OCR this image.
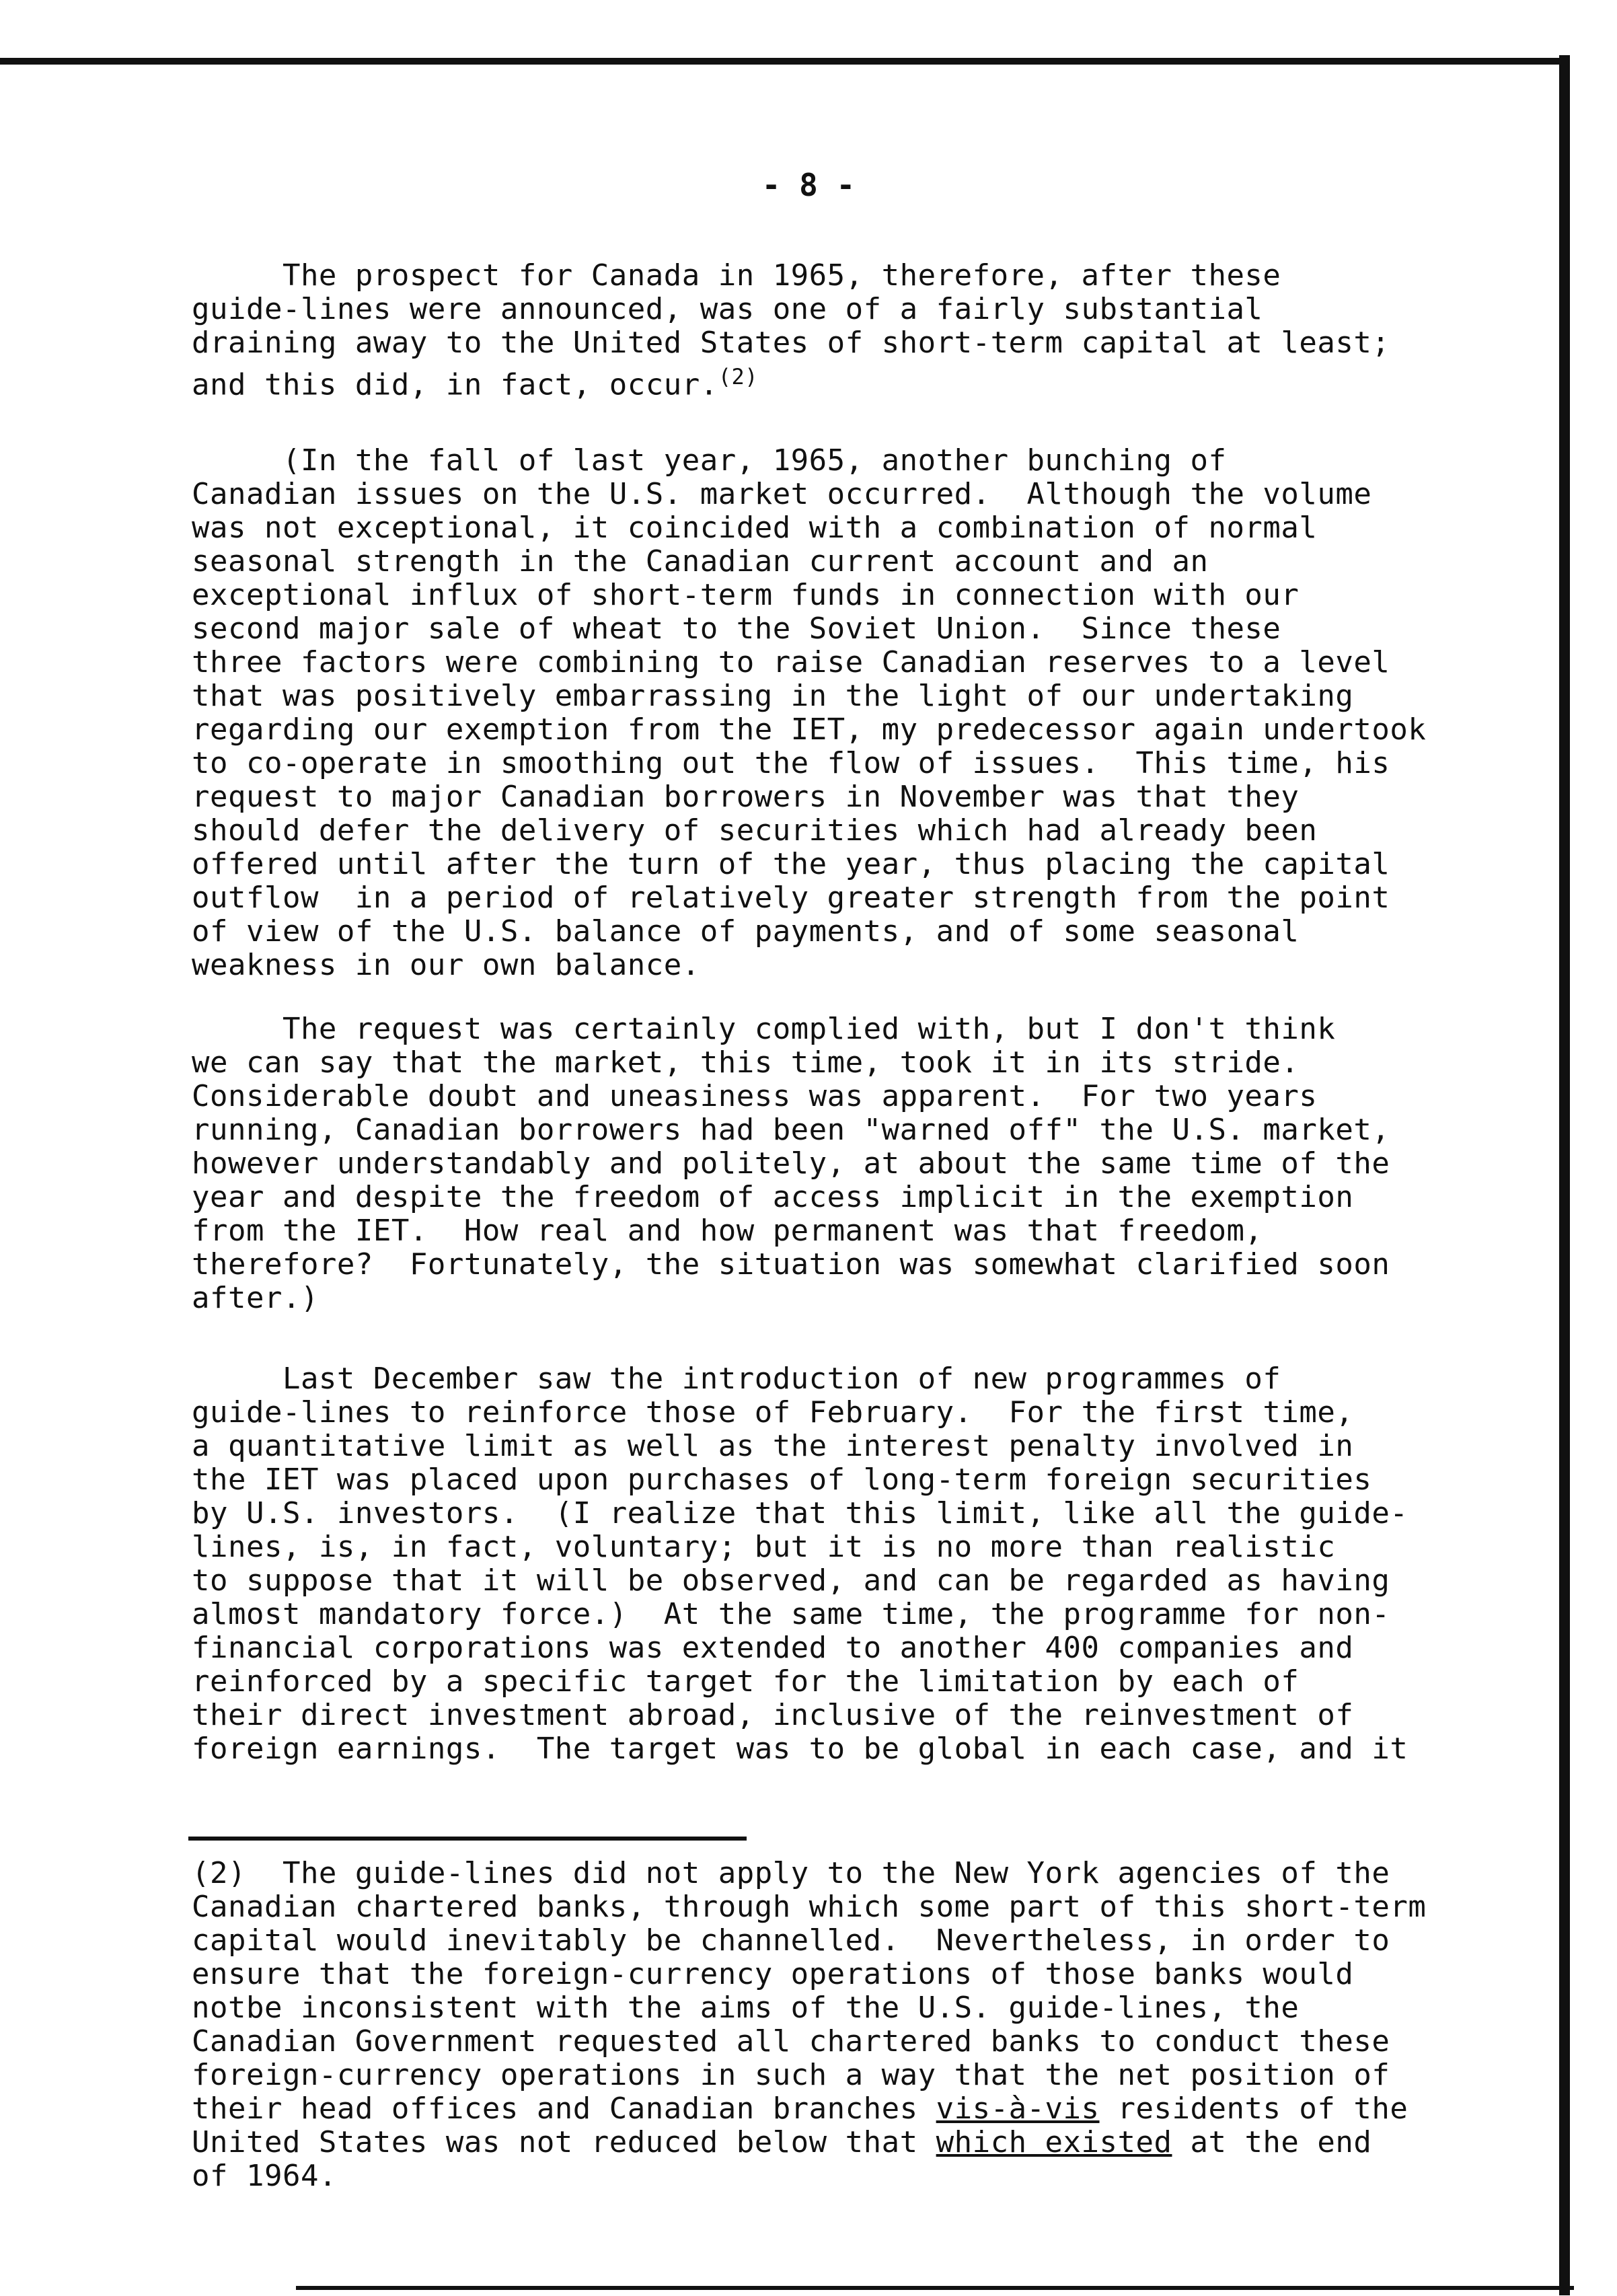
- 8 -
The prospect for Canada in 1965, therefore, after these
guide-lines were announced, was one of a fairly substantial
draining away to the United States of short-term capital at least;
and this did, in fact, occur.$^{(2)}$
(In the fall of last year, 1965, another bunching of
Canadian issues on the U.S. market occurred.  Although the volume
was not exceptional, it coincided with a combination of normal
seasonal strength in the Canadian current account and an
exceptional influx of short-term funds in connection with our
second major sale of wheat to the Soviet Union.  Since these
three factors were combining to raise Canadian reserves to a level
that was positively embarrassing in the light of our undertaking
regarding our exemption from the IET, my predecessor again undertook
to co-operate in smoothing out the flow of issues.  This time, his
request to major Canadian borrowers in November was that they
should defer the delivery of securities which had already been
offered until after the turn of the year, thus placing the capital
outflow  in a period of relatively greater strength from the point
of view of the U.S. balance of payments, and of some seasonal
weakness in our own balance.
The request was certainly complied with, but I don't think
we can say that the market, this time, took it in its stride.
Considerable doubt and uneasiness was apparent.  For two years
running, Canadian borrowers had been "warned off" the U.S. market,
however understandably and politely, at about the same time of the
year and despite the freedom of access implicit in the exemption
from the IET.  How real and how permanent was that freedom,
therefore?  Fortunately, the situation was somewhat clarified soon
after.)
Last December saw the introduction of new programmes of
guide-lines to reinforce those of February.  For the first time,
a quantitative limit as well as the interest penalty involved in
the IET was placed upon purchases of long-term foreign securities
by U.S. investors.  (I realize that this limit, like all the guide-
lines, is, in fact, voluntary; but it is no more than realistic
to suppose that it will be observed, and can be regarded as having
almost mandatory force.)  At the same time, the programme for non-
financial corporations was extended to another 400 companies and
reinforced by a specific target for the limitation by each of
their direct investment abroad, inclusive of the reinvestment of
foreign earnings.  The target was to be global in each case, and it
(2)  The guide-lines did not apply to the New York agencies of the
Canadian chartered banks, through which some part of this short-term
capital would inevitably be channelled.  Nevertheless, in order to
ensure that the foreign-currency operations of those banks would
notbe inconsistent with the aims of the U.S. guide-lines, the
Canadian Government requested all chartered banks to conduct these
foreign-currency operations in such a way that the net position of
their head offices and Canadian branches vis-à-vis residents of the
United States was not reduced below that which existed at the end
of 1964.
